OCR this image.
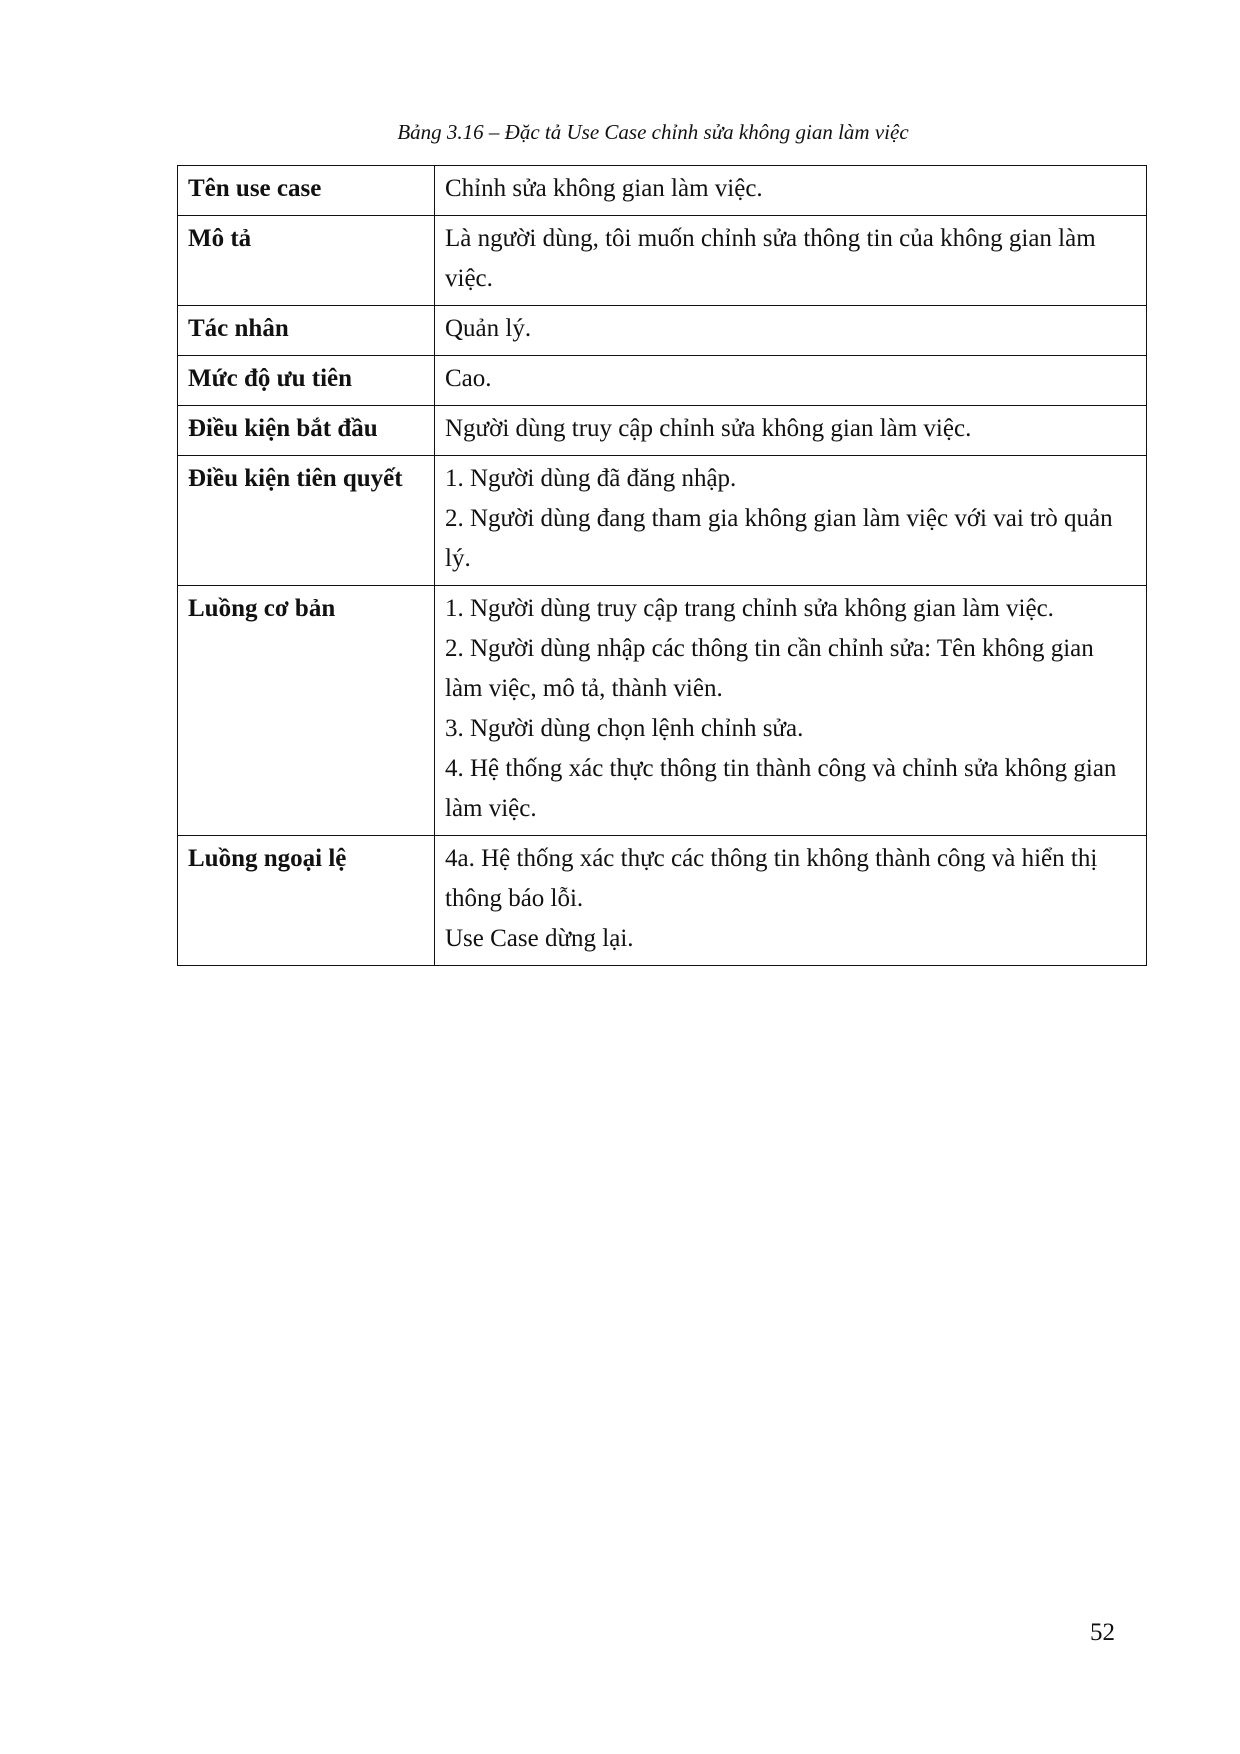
Bảng 3.16 – Đặc tả Use Case chỉnh sửa không gian làm việc
Tên use case	Chỉnh sửa không gian làm việc.

Mô tả	Là người dùng, tôi muốn chỉnh sửa thông tin của không gian làm việc.

Tác nhân	Quản lý.

Mức độ ưu tiên	Cao.

Điều kiện bắt đầu	Người dùng truy cập chỉnh sửa không gian làm việc.

Điều kiện tiên quyết	1. Người dùng đã đăng nhập.
2. Người dùng đang tham gia không gian làm việc với vai trò quản lý.

Luồng cơ bản	1. Người dùng truy cập trang chỉnh sửa không gian làm việc.
2. Người dùng nhập các thông tin cần chỉnh sửa: Tên không gian làm việc, mô tả, thành viên.
3. Người dùng chọn lệnh chỉnh sửa.
4. Hệ thống xác thực thông tin thành công và chỉnh sửa không gian làm việc.

Luồng ngoại lệ	4a. Hệ thống xác thực các thông tin không thành công và hiển thị thông báo lỗi.
Use Case dừng lại.
52
